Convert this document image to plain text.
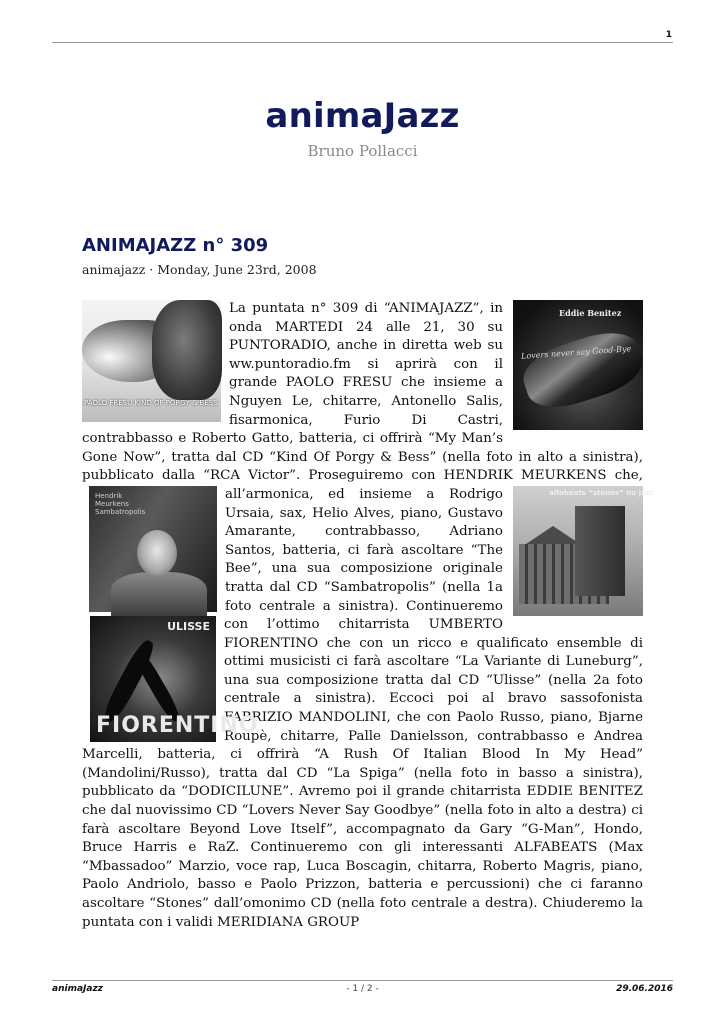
1
animaJazz
Bruno Pollacci
ANIMAJAZZ n° 309
animajazz · Monday, June 23rd, 2008
PAOLO FRESU KIND OF PORGY & BESS
Eddie Benitez
Lovers never say Good-Bye
La puntata n° 309 di “ANIMAJAZZ”, in onda MARTEDI 24 alle 21, 30 su PUNTORADIO, anche in diretta web su ww.puntoradio.fm si aprirà con il grande PAOLO FRESU che insieme a Nguyen Le, chitarre, Antonello Salis, fisarmonica, Furio Di Castri, contrabbasso e Roberto Gatto, batteria, ci offrirà “My Man’s Gone Now”, tratta dal CD “Kind Of Porgy & Bess” (nella foto in alto a sinistra), pubblicato dalla “RCA Victor”. Proseguiremo con HENDRIK MEURKENS
Hendrik
Meurkens
Sambatropolis
alfabeats “stones” nu jazz
ULISSE
FIORENTINO
che, all’armonica, ed insieme a Rodrigo Ursaia, sax, Helio Alves, piano, Gustavo Amarante, contrabbasso, Adriano Santos, batteria, ci farà ascoltare “The Bee”, una sua composizione originale tratta dal CD “Sambatropolis” (nella 1a foto centrale a sinistra). Continueremo con l’ottimo chitarrista UMBERTO FIORENTINO che con un ricco e qualificato ensemble di ottimi musicisti ci farà ascoltare “La Variante di Luneburg”, una sua composizione tratta dal CD “Ulisse” (nella 2a foto centrale a sinistra). Eccoci poi al bravo sassofonista FABRIZIO MANDOLINI, che con Paolo Russo, piano, Bjarne Roupè, chitarre, Palle Danielsson, contrabbasso e Andrea Marcelli, batteria, ci offrirà “A Rush Of Italian Blood In My Head” (Mandolini/Russo), tratta dal CD “La Spiga” (nella foto in basso a sinistra), pubblicato da “DODICILUNE”. Avremo poi il grande chitarrista EDDIE BENITEZ che dal nuovissimo CD “Lovers Never Say Goodbye” (nella foto in alto a destra) ci farà ascoltare Beyond Love Itself”, accompagnato da Gary “G-Man”, Hondo, Bruce Harris e RaZ. Continueremo con gli interessanti ALFABEATS (Max “Mbassadoo” Marzio, voce rap, Luca Boscagin, chitarra, Roberto Magris, piano, Paolo Andriolo, basso e Paolo Prizzon, batteria e percussioni) che ci faranno ascoltare “Stones” dall’omonimo CD (nella foto centrale a destra). Chiuderemo la puntata con i validi MERIDIANA GROUP
animaJazz	- 1 / 2 -	29.06.2016
